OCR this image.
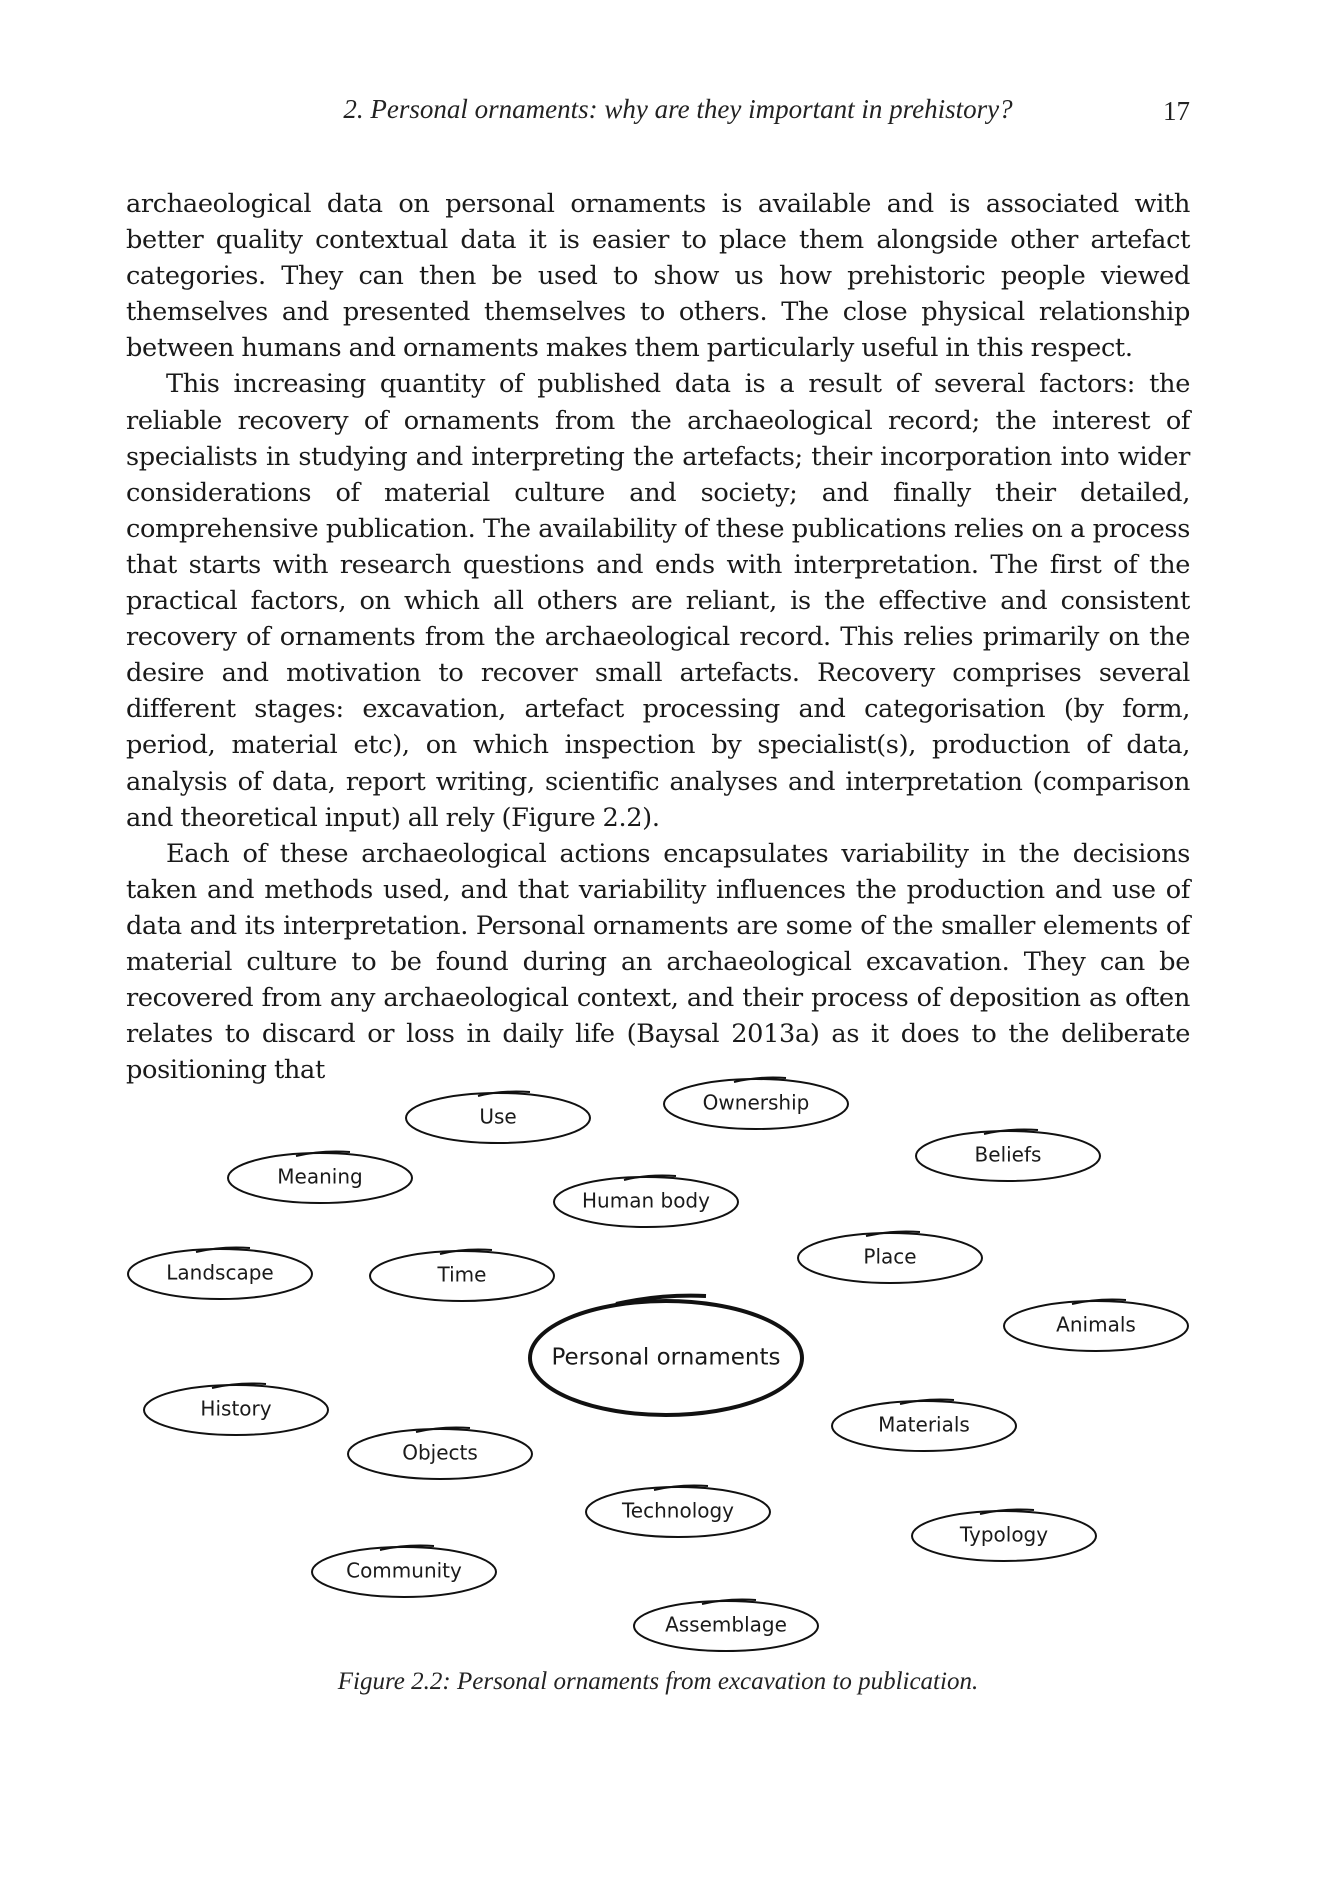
2. Personal ornaments: why are they important in prehistory?	17

archaeological data on personal ornaments is available and is associated with better quality contextual data it is easier to place them alongside other artefact categories. They can then be used to show us how prehistoric people viewed themselves and presented themselves to others. The close physical relationship between humans and ornaments makes them particularly useful in this respect.

This increasing quantity of published data is a result of several factors: the reliable recovery of ornaments from the archaeological record; the interest of specialists in studying and interpreting the artefacts; their incorporation into wider considerations of material culture and society; and finally their detailed, comprehensive publication. The availability of these publications relies on a process that starts with research questions and ends with interpretation. The first of the practical factors, on which all others are reliant, is the effective and consistent recovery of ornaments from the archaeological record. This relies primarily on the desire and motivation to recover small artefacts. Recovery comprises several different stages: excavation, artefact processing and categorisation (by form, period, material etc), on which inspection by specialist(s), production of data, analysis of data, report writing, scientific analyses and interpretation (comparison and theoretical input) all rely (Figure 2.2).

Each of these archaeological actions encapsulates variability in the decisions taken and methods used, and that variability influences the production and use of data and its interpretation. Personal ornaments are some of the smaller elements of material culture to be found during an archaeological excavation. They can be recovered from any archaeological context, and their process of deposition as often relates to discard or loss in daily life (Baysal 2013a) as it does to the deliberate positioning that

Use
Ownership
Beliefs
Meaning
Human body
Landscape	Time
Place
Animals
Personal ornaments
History
Objects
Materials
Technology
Typology
Community
Assemblage
Figure 2.2: Personal ornaments from excavation to publication.
